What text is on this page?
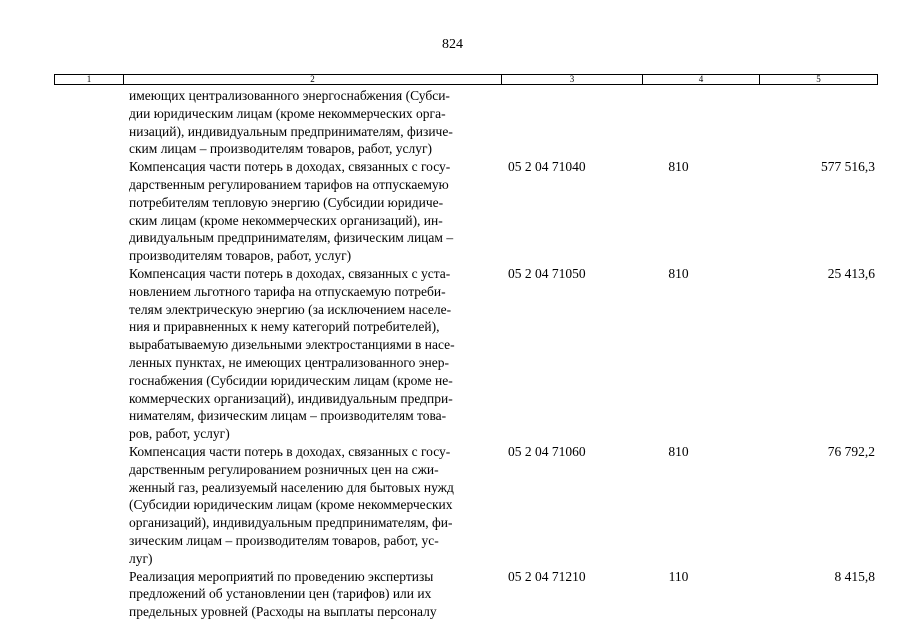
824
1	2	3	4	5
имеющих централизованного энергоснабжения (Субси-
дии юридическим лицам (кроме некоммерческих орга-
низаций), индивидуальным предпринимателям, физиче-
ским лицам – производителям товаров, работ, услуг)
Компенсация части потерь в доходах, связанных с госу-
дарственным регулированием тарифов на отпускаемую
потребителям тепловую энергию (Субсидии юридиче-
ским лицам (кроме некоммерческих организаций), ин-
дивидуальным предпринимателям, физическим лицам –
производителям товаров, работ, услуг)
05 2 04 71040	810	577 516,3
Компенсация части потерь в доходах, связанных с уста-
новлением льготного тарифа на отпускаемую потреби-
телям электрическую энергию (за исключением населе-
ния и приравненных к нему категорий потребителей),
вырабатываемую дизельными электростанциями в насе-
ленных пунктах, не имеющих централизованного энер-
госнабжения (Субсидии юридическим лицам (кроме не-
коммерческих организаций), индивидуальным предпри-
нимателям, физическим лицам – производителям това-
ров, работ, услуг)
05 2 04 71050	810	25 413,6
Компенсация части потерь в доходах, связанных с госу-
дарственным регулированием розничных цен на сжи-
женный газ, реализуемый населению для бытовых нужд
(Субсидии юридическим лицам (кроме некоммерческих
организаций), индивидуальным предпринимателям, фи-
зическим лицам – производителям товаров, работ, ус-
луг)
05 2 04 71060	810	76 792,2
Реализация мероприятий по проведению экспертизы
предложений об установлении цен (тарифов) или их
предельных уровней (Расходы на выплаты персоналу
05 2 04 71210	110	8 415,8
